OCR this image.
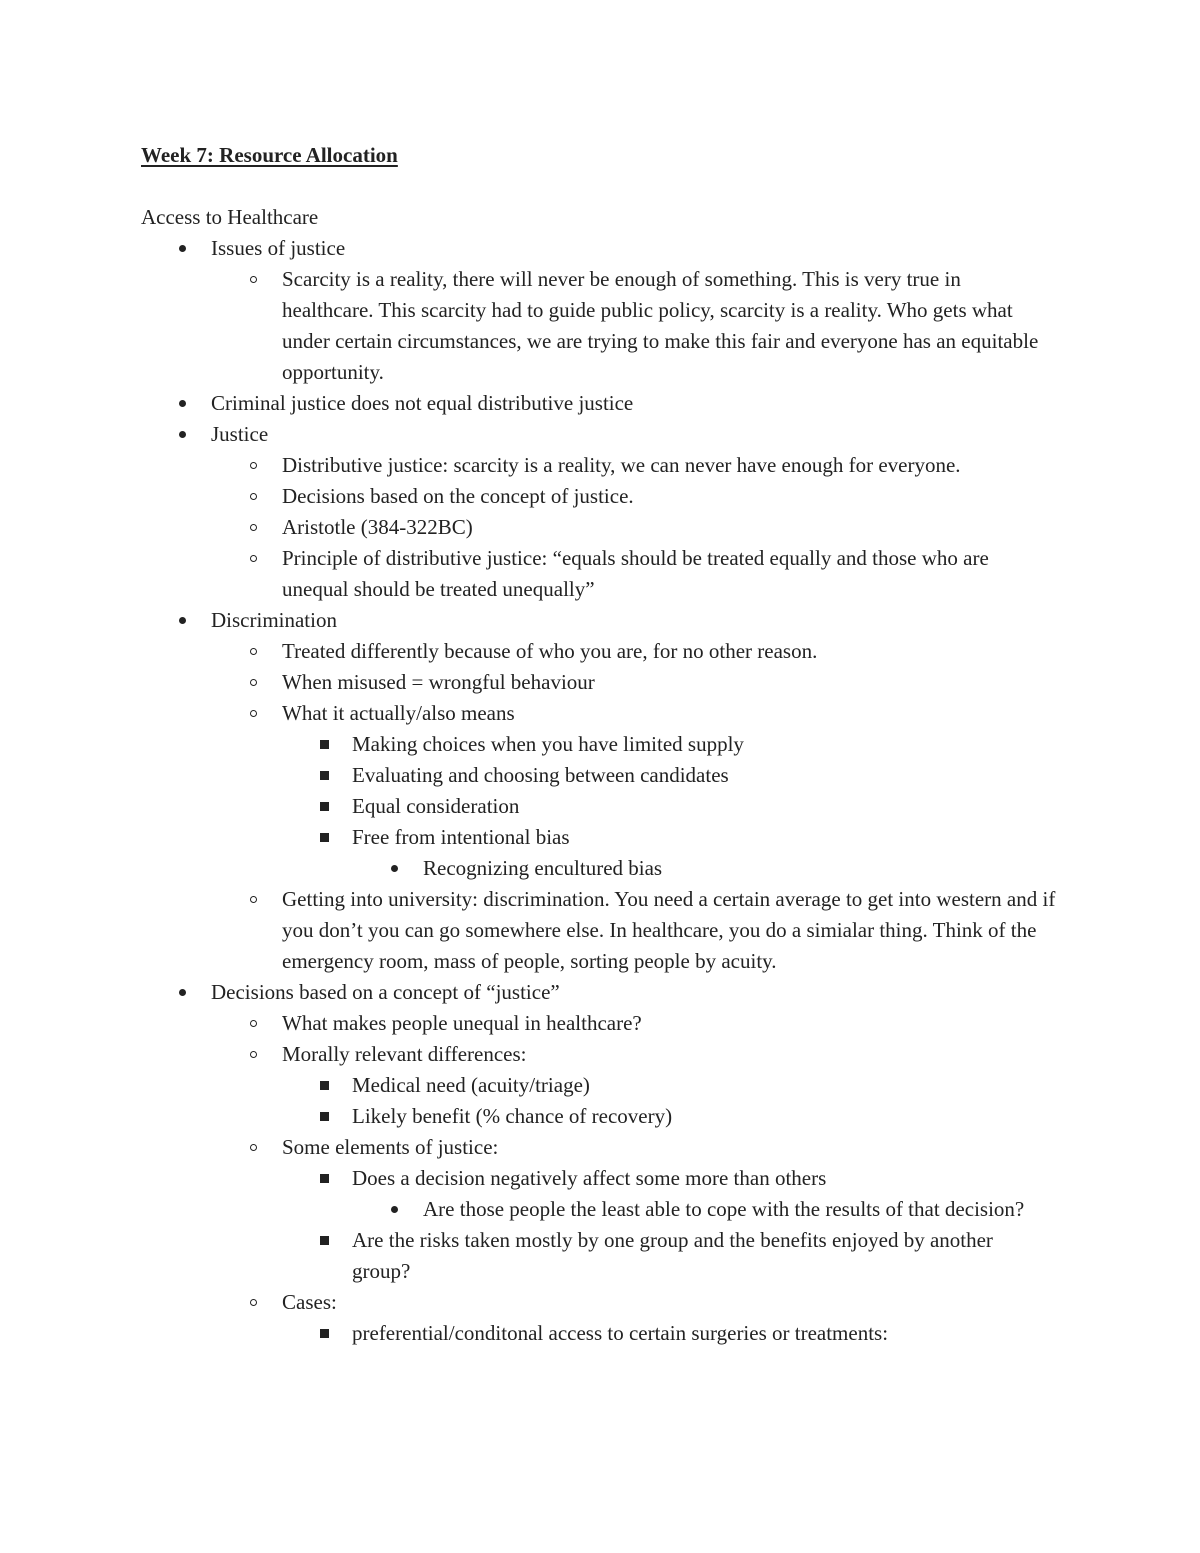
Week 7: Resource Allocation

Access to Healthcare

Issues of justice
Scarcity is a reality, there will never be enough of something. This is very true in healthcare. This scarcity had to guide public policy, scarcity is a reality. Who gets what under certain circumstances, we are trying to make this fair and everyone has an equitable opportunity.
Criminal justice does not equal distributive justice
Justice
Distributive justice: scarcity is a reality, we can never have enough for everyone.
Decisions based on the concept of justice.
Aristotle (384-322BC)
Principle of distributive justice: “equals should be treated equally and those who are unequal should be treated unequally”
Discrimination
Treated differently because of who you are, for no other reason.
When misused = wrongful behaviour
What it actually/also means
Making choices when you have limited supply
Evaluating and choosing between candidates
Equal consideration
Free from intentional bias
Recognizing encultured bias
Getting into university: discrimination. You need a certain average to get into western and if you don’t you can go somewhere else. In healthcare, you do a simialar thing. Think of the emergency room, mass of people, sorting people by acuity.
Decisions based on a concept of “justice”
What makes people unequal in healthcare?
Morally relevant differences:
Medical need (acuity/triage)
Likely benefit (% chance of recovery)
Some elements of justice:
Does a decision negatively affect some more than others
Are those people the least able to cope with the results of that decision?
Are the risks taken mostly by one group and the benefits enjoyed by another group?
Cases:
preferential/conditonal access to certain surgeries or treatments:
